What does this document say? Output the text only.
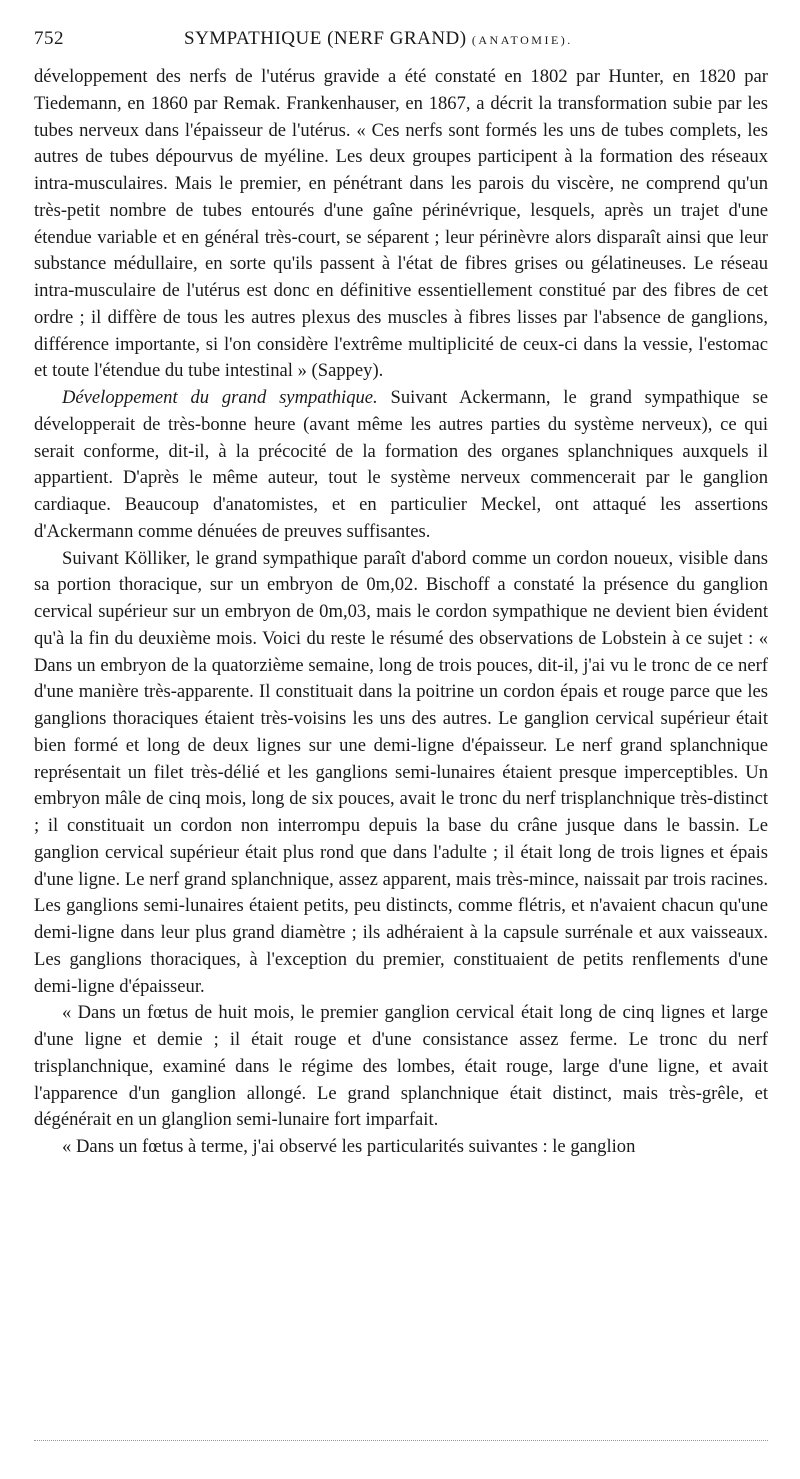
752	SYMPATHIQUE (NERF GRAND) (ANATOMIE).

développement des nerfs de l'utérus gravide a été constaté en 1802 par Hunter, en 1820 par Tiedemann, en 1860 par Remak. Frankenhauser, en 1867, a décrit la transformation subie par les tubes nerveux dans l'épaisseur de l'utérus. « Ces nerfs sont formés les uns de tubes complets, les autres de tubes dépourvus de myéline. Les deux groupes participent à la formation des réseaux intra-musculaires. Mais le premier, en pénétrant dans les parois du viscère, ne comprend qu'un très-petit nombre de tubes entourés d'une gaîne périnévrique, lesquels, après un trajet d'une étendue variable et en général très-court, se séparent ; leur périnèvre alors disparaît ainsi que leur substance médullaire, en sorte qu'ils passent à l'état de fibres grises ou gélatineuses. Le réseau intra-musculaire de l'utérus est donc en définitive essentiellement constitué par des fibres de cet ordre ; il diffère de tous les autres plexus des muscles à fibres lisses par l'absence de ganglions, différence importante, si l'on considère l'extrême multiplicité de ceux-ci dans la vessie, l'estomac et toute l'étendue du tube intestinal » (Sappey).

Développement du grand sympathique. Suivant Ackermann, le grand sympathique se développerait de très-bonne heure (avant même les autres parties du système nerveux), ce qui serait conforme, dit-il, à la précocité de la formation des organes splanchniques auxquels il appartient. D'après le même auteur, tout le système nerveux commencerait par le ganglion cardiaque. Beaucoup d'anatomistes, et en particulier Meckel, ont attaqué les assertions d'Ackermann comme dénuées de preuves suffisantes.

Suivant Kölliker, le grand sympathique paraît d'abord comme un cordon noueux, visible dans sa portion thoracique, sur un embryon de 0m,02. Bischoff a constaté la présence du ganglion cervical supérieur sur un embryon de 0m,03, mais le cordon sympathique ne devient bien évident qu'à la fin du deuxième mois. Voici du reste le résumé des observations de Lobstein à ce sujet : « Dans un embryon de la quatorzième semaine, long de trois pouces, dit-il, j'ai vu le tronc de ce nerf d'une manière très-apparente. Il constituait dans la poitrine un cordon épais et rouge parce que les ganglions thoraciques étaient très-voisins les uns des autres. Le ganglion cervical supérieur était bien formé et long de deux lignes sur une demi-ligne d'épaisseur. Le nerf grand splanchnique représentait un filet très-délié et les ganglions semi-lunaires étaient presque imperceptibles. Un embryon mâle de cinq mois, long de six pouces, avait le tronc du nerf trisplanchnique très-distinct ; il constituait un cordon non interrompu depuis la base du crâne jusque dans le bassin. Le ganglion cervical supérieur était plus rond que dans l'adulte ; il était long de trois lignes et épais d'une ligne. Le nerf grand splanchnique, assez apparent, mais très-mince, naissait par trois racines. Les ganglions semi-lunaires étaient petits, peu distincts, comme flétris, et n'avaient chacun qu'une demi-ligne dans leur plus grand diamètre ; ils adhéraient à la capsule surrénale et aux vaisseaux. Les ganglions thoraciques, à l'exception du premier, constituaient de petits renflements d'une demi-ligne d'épaisseur.

« Dans un fœtus de huit mois, le premier ganglion cervical était long de cinq lignes et large d'une ligne et demie ; il était rouge et d'une consistance assez ferme. Le tronc du nerf trisplanchnique, examiné dans le régime des lombes, était rouge, large d'une ligne, et avait l'apparence d'un ganglion allongé. Le grand splanchnique était distinct, mais très-grêle, et dégénérait en un glanglion semi-lunaire fort imparfait.

« Dans un fœtus à terme, j'ai observé les particularités suivantes : le ganglion
